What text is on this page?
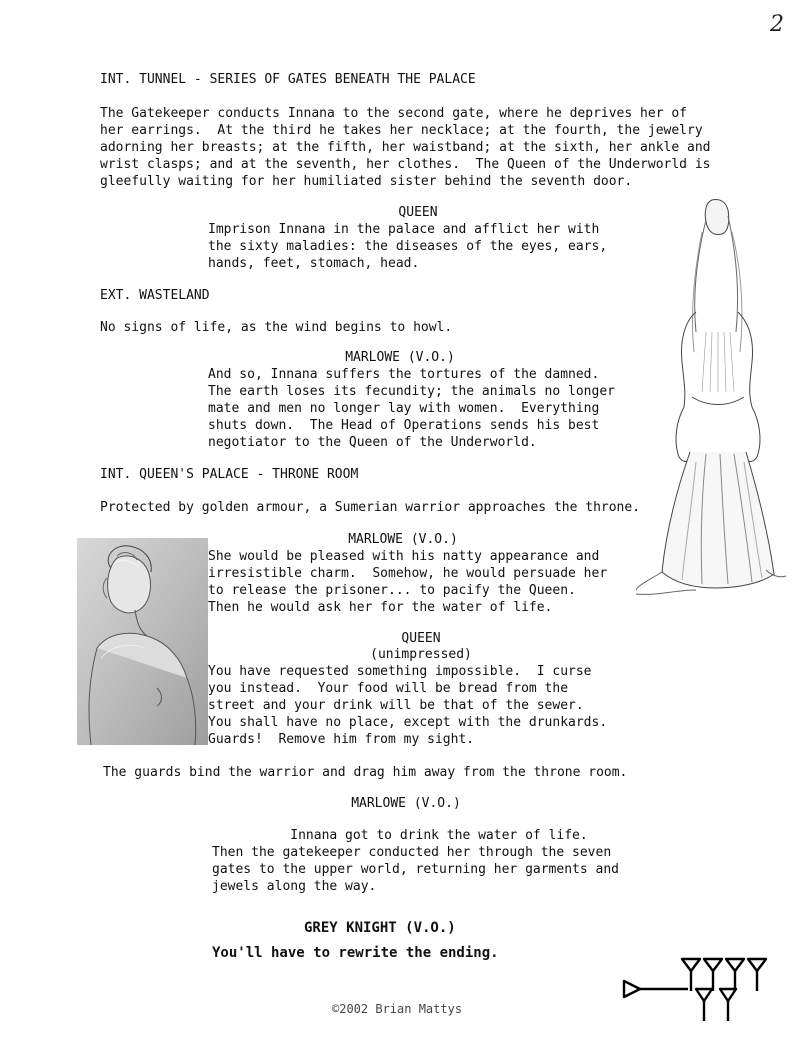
2
INT. TUNNEL - SERIES OF GATES BENEATH THE PALACE
The Gatekeeper conducts Innana to the second gate, where he deprives her of
her earrings.  At the third he takes her necklace; at the fourth, the jewelry
adorning her breasts; at the fifth, her waistband; at the sixth, her ankle and
wrist clasps; and at the seventh, her clothes.  The Queen of the Underworld is
gleefully waiting for her humiliated sister behind the seventh door.
QUEEN
Imprison Innana in the palace and afflict her with
the sixty maladies: the diseases of the eyes, ears,
hands, feet, stomach, head.
EXT. WASTELAND
No signs of life, as the wind begins to howl.
MARLOWE (V.O.)
And so, Innana suffers the tortures of the damned.
The earth loses its fecundity; the animals no longer
mate and men no longer lay with women.  Everything
shuts down.  The Head of Operations sends his best
negotiator to the Queen of the Underworld.
INT. QUEEN'S PALACE - THRONE ROOM
Protected by golden armour, a Sumerian warrior approaches the throne.
MARLOWE (V.O.)
She would be pleased with his natty appearance and
irresistible charm.  Somehow, he would persuade her
to release the prisoner... to pacify the Queen.
Then he would ask her for the water of life.
QUEEN
(unimpressed)
You have requested something impossible.  I curse
you instead.  Your food will be bread from the
street and your drink will be that of the sewer.
You shall have no place, except with the drunkards.
Guards!  Remove him from my sight.
The guards bind the warrior and drag him away from the throne room.
MARLOWE (V.O.)
Innana got to drink the water of life.
Then the gatekeeper conducted her through the seven
gates to the upper world, returning her garments and
jewels along the way.
GREY KNIGHT (V.O.)
You'll have to rewrite the ending.
©2002 Brian Mattys
